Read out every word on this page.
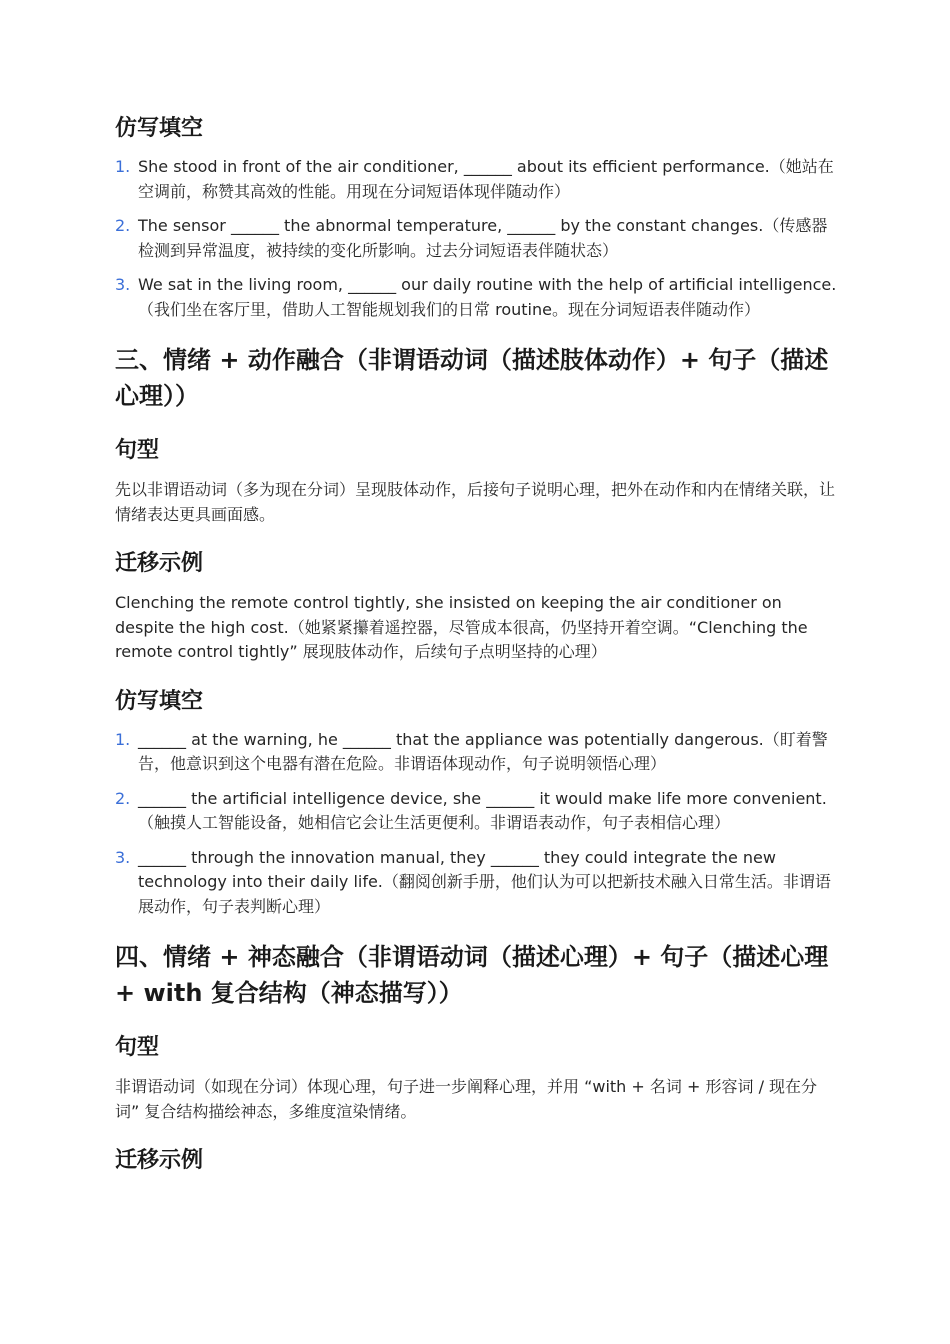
仿写填空
1. She stood in front of the air conditioner, ______ about its efficient performance.（她站在空调前，称赞其高效的性能。用现在分词短语体现伴随动作）
2. The sensor ______ the abnormal temperature, ______ by the constant changes.（传感器检测到异常温度，被持续的变化所影响。过去分词短语表伴随状态）
3. We sat in the living room, ______ our daily routine with the help of artificial intelligence.（我们坐在客厅里，借助人工智能规划我们的日常 routine。现在分词短语表伴随动作）
三、情绪 + 动作融合（非谓语动词（描述肢体动作）+ 句子（描述心理））
句型

先以非谓语动词（多为现在分词）呈现肢体动作，后接句子说明心理，把外在动作和内在情绪关联，让情绪表达更具画面感。

迁移示例

Clenching the remote control tightly, she insisted on keeping the air conditioner on despite the high cost.（她紧紧攥着遥控器，尽管成本很高，仍坚持开着空调。“Clenching the remote control tightly” 展现肢体动作，后续句子点明坚持的心理）

仿写填空
1. ______ at the warning, he ______ that the appliance was potentially dangerous.（盯着警告，他意识到这个电器有潜在危险。非谓语体现动作，句子说明领悟心理）
2. ______ the artificial intelligence device, she ______ it would make life more convenient.（触摸人工智能设备，她相信它会让生活更便利。非谓语表动作，句子表相信心理）
3. ______ through the innovation manual, they ______ they could integrate the new technology into their daily life.（翻阅创新手册，他们认为可以把新技术融入日常生活。非谓语展动作，句子表判断心理）
四、情绪 + 神态融合（非谓语动词（描述心理）+ 句子（描述心理 + with 复合结构（神态描写））
句型

非谓语动词（如现在分词）体现心理，句子进一步阐释心理，并用 “with + 名词 + 形容词 / 现在分词” 复合结构描绘神态，多维度渲染情绪。

迁移示例
